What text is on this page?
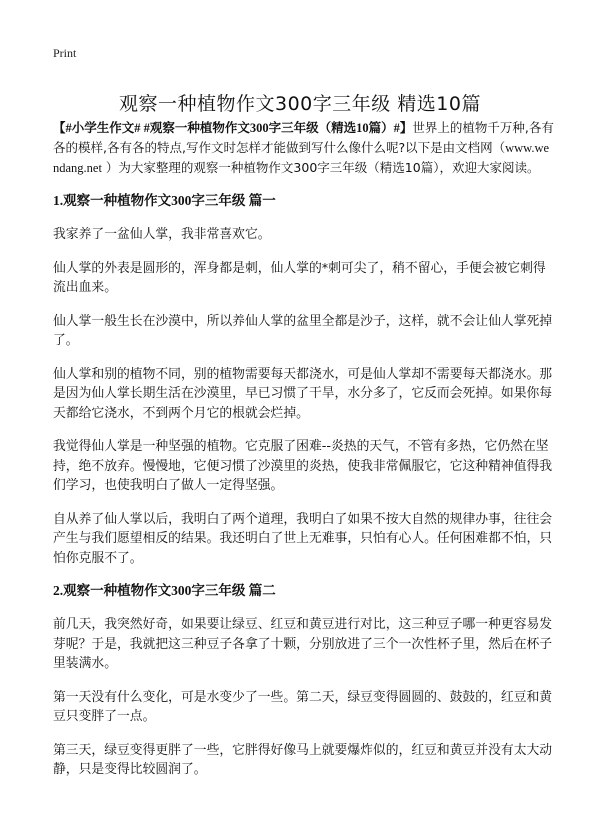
Print
观察一种植物作文300字三年级 精选10篇

【#小学生作文# #观察一种植物作文300字三年级（精选10篇）#】世界上的植物千万种,各有各的模样,各有各的特点,写作文时怎样才能做到写什么像什么呢?以下是由文档网（www.wendang.net ）为大家整理的观察一种植物作文300字三年级（精选10篇），欢迎大家阅读。

1.观察一种植物作文300字三年级 篇一

我家养了一盆仙人掌，我非常喜欢它。

仙人掌的外表是圆形的，浑身都是刺，仙人掌的*刺可尖了，稍不留心，手便会被它刺得流出血来。

仙人掌一般生长在沙漠中，所以养仙人掌的盆里全都是沙子，这样，就不会让仙人掌死掉了。

仙人掌和别的植物不同，别的植物需要每天都浇水，可是仙人掌却不需要每天都浇水。那是因为仙人掌长期生活在沙漠里，早已习惯了干旱，水分多了，它反而会死掉。如果你每天都给它浇水，不到两个月它的根就会烂掉。

我觉得仙人掌是一种坚强的植物。它克服了困难--炎热的天气，不管有多热，它仍然在坚持，绝不放弃。慢慢地，它便习惯了沙漠里的炎热，使我非常佩服它，它这种精神值得我们学习，也使我明白了做人一定得坚强。

自从养了仙人掌以后，我明白了两个道理，我明白了如果不按大自然的规律办事，往往会产生与我们愿望相反的结果。我还明白了世上无难事，只怕有心人。任何困难都不怕，只怕你克服不了。

2.观察一种植物作文300字三年级 篇二

前几天，我突然好奇，如果要让绿豆、红豆和黄豆进行对比，这三种豆子哪一种更容易发芽呢？于是，我就把这三种豆子各拿了十颗，分别放进了三个一次性杯子里，然后在杯子里装满水。

第一天没有什么变化，可是水变少了一些。第二天，绿豆变得圆圆的、鼓鼓的，红豆和黄豆只变胖了一点。

第三天，绿豆变得更胖了一些，它胖得好像马上就要爆炸似的，红豆和黄豆并没有太大动静，只是变得比较圆润了。
